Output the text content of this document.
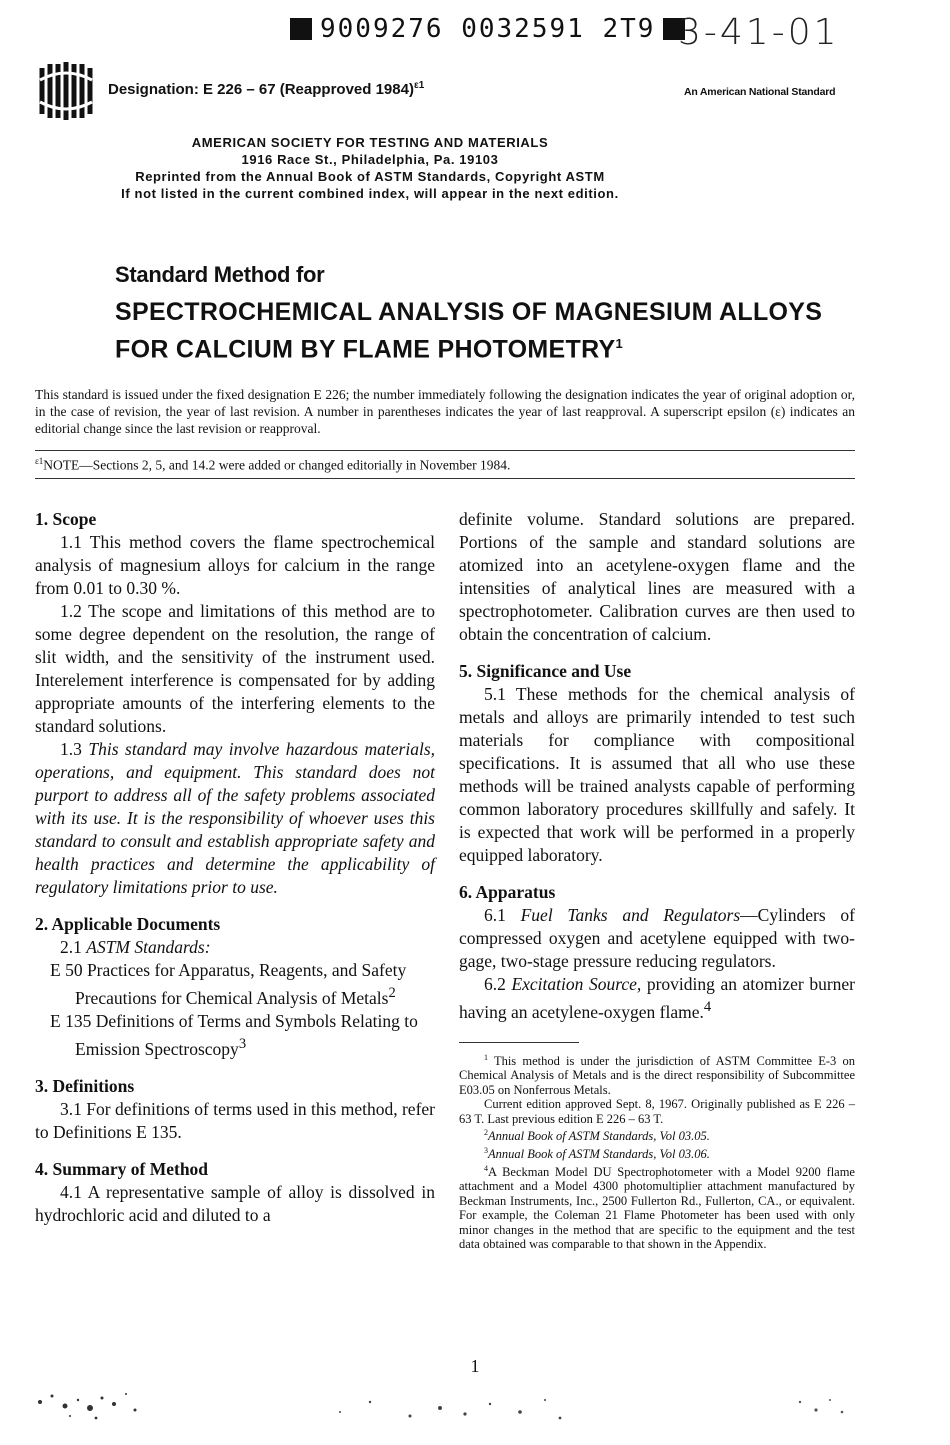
9009276 0032591 2T9 3-41-01
Designation: E 226 – 67 (Reapproved 1984)$^{\varepsilon 1}$
An American National Standard
AMERICAN SOCIETY FOR TESTING AND MATERIALS
1916 Race St., Philadelphia, Pa. 19103
Reprinted from the Annual Book of ASTM Standards, Copyright ASTM
If not listed in the current combined index, will appear in the next edition.
Standard Method for
SPECTROCHEMICAL ANALYSIS OF MAGNESIUM ALLOYS
FOR CALCIUM BY FLAME PHOTOMETRY$^1$
This standard is issued under the fixed designation E 226; the number immediately following the designation indicates the year of original adoption or, in the case of revision, the year of last revision. A number in parentheses indicates the year of last reapproval. A superscript epsilon (ε) indicates an editorial change since the last revision or reapproval.
$^{\varepsilon 1}$NOTE—Sections 2, 5, and 14.2 were added or changed editorially in November 1984.
1. Scope

1.1 This method covers the flame spectrochemical analysis of magnesium alloys for calcium in the range from 0.01 to 0.30 %.

1.2 The scope and limitations of this method are to some degree dependent on the resolution, the range of slit width, and the sensitivity of the instrument used. Interelement interference is compensated for by adding appropriate amounts of the interfering elements to the standard solutions.

1.3 This standard may involve hazardous materials, operations, and equipment. This standard does not purport to address all of the safety problems associated with its use. It is the responsibility of whoever uses this standard to consult and establish appropriate safety and health practices and determine the applicability of regulatory limitations prior to use.

2. Applicable Documents

2.1 ASTM Standards:

E 50 Practices for Apparatus, Reagents, and Safety Precautions for Chemical Analysis of Metals$^2$

E 135 Definitions of Terms and Symbols Relating to Emission Spectroscopy$^3$

3. Definitions

3.1 For definitions of terms used in this method, refer to Definitions E 135.

4. Summary of Method

4.1 A representative sample of alloy is dissolved in hydrochloric acid and diluted to a

definite volume. Standard solutions are prepared. Portions of the sample and standard solutions are atomized into an acetylene-oxygen flame and the intensities of analytical lines are measured with a spectrophotometer. Calibration curves are then used to obtain the concentration of calcium.

5. Significance and Use

5.1 These methods for the chemical analysis of metals and alloys are primarily intended to test such materials for compliance with compositional specifications. It is assumed that all who use these methods will be trained analysts capable of performing common laboratory procedures skillfully and safely. It is expected that work will be performed in a properly equipped laboratory.

6. Apparatus

6.1 Fuel Tanks and Regulators—Cylinders of compressed oxygen and acetylene equipped with two-gage, two-stage pressure reducing regulators.

6.2 Excitation Source, providing an atomizer burner having an acetylene-oxygen flame.$^4$

$^1$ This method is under the jurisdiction of ASTM Committee E-3 on Chemical Analysis of Metals and is the direct responsibility of Subcommittee E03.05 on Nonferrous Metals.

Current edition approved Sept. 8, 1967. Originally published as E 226 – 63 T. Last previous edition E 226 – 63 T.

$^2$Annual Book of ASTM Standards, Vol 03.05.

$^3$Annual Book of ASTM Standards, Vol 03.06.

$^4$A Beckman Model DU Spectrophotometer with a Model 9200 flame attachment and a Model 4300 photomultiplier attachment manufactured by Beckman Instruments, Inc., 2500 Fullerton Rd., Fullerton, CA., or equivalent. For example, the Coleman 21 Flame Photometer has been used with only minor changes in the method that are specific to the equipment and the test data obtained was comparable to that shown in the Appendix.

1
